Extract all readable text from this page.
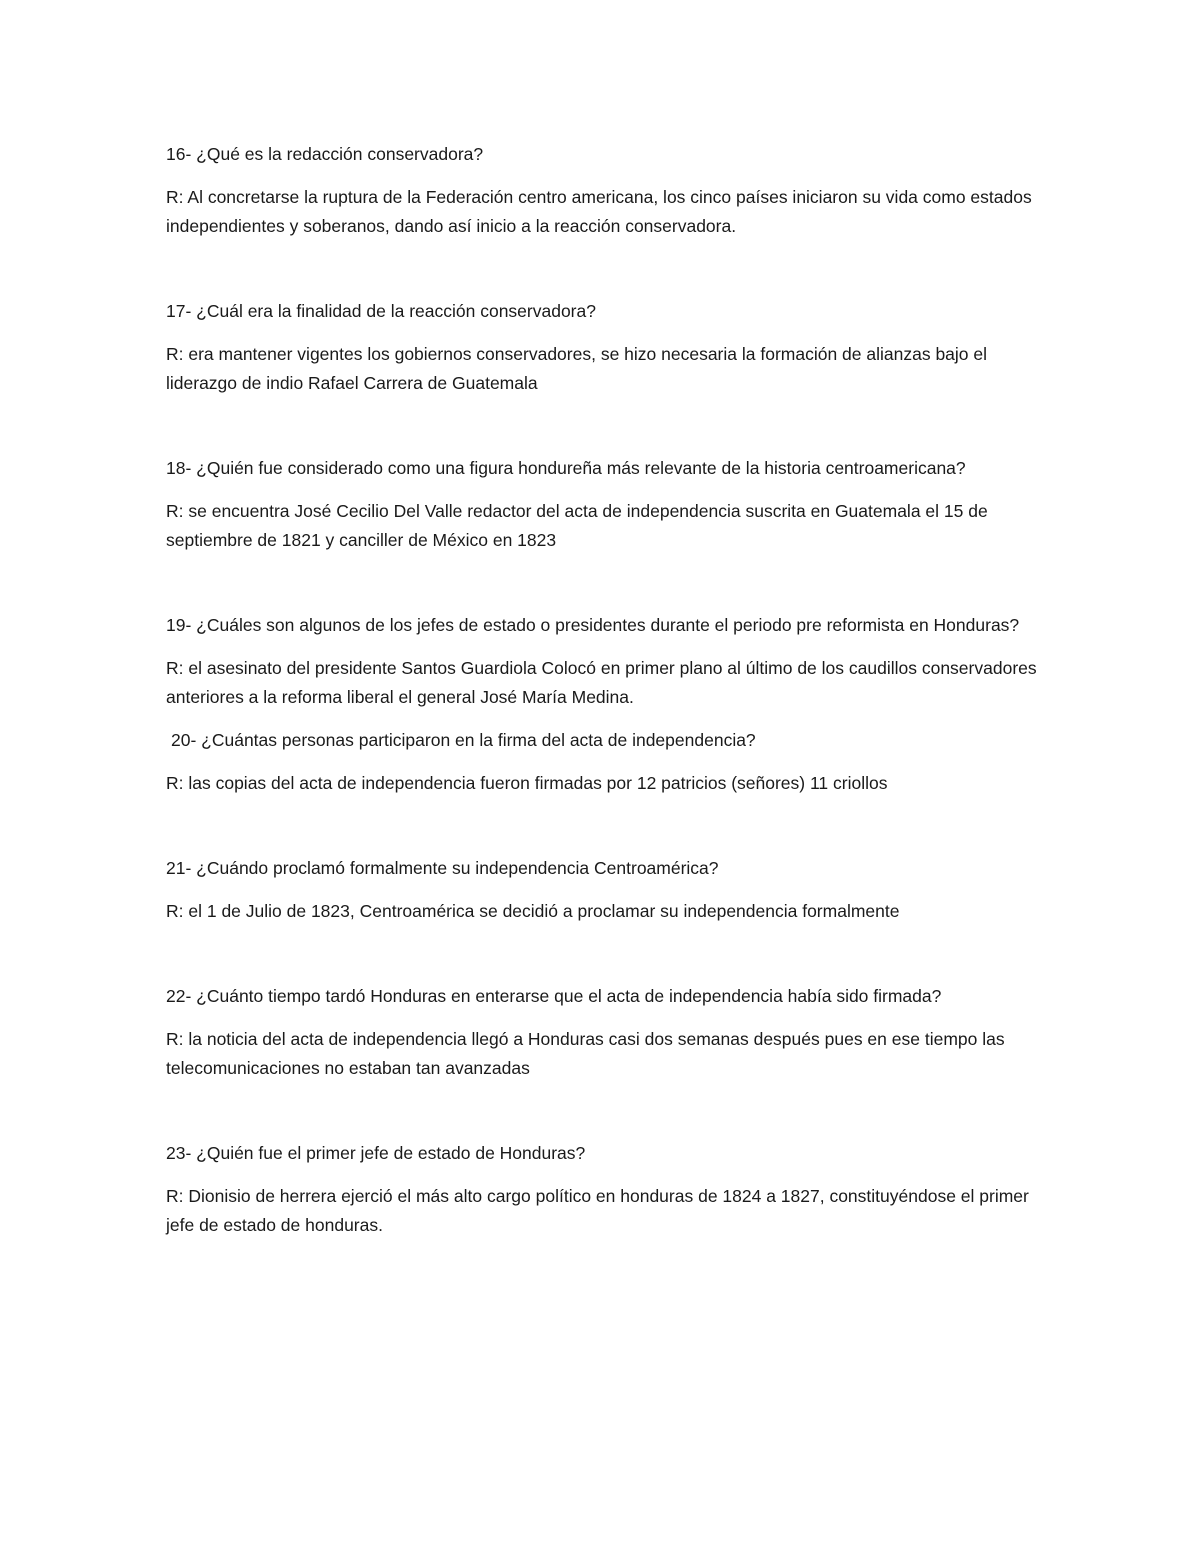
16- ¿Qué es la redacción conservadora?

R: Al concretarse la ruptura de la Federación centro americana, los cinco países iniciaron su vida como estados independientes y soberanos, dando así inicio a la reacción conservadora.

17- ¿Cuál era la finalidad de la reacción conservadora?

R: era mantener vigentes los gobiernos conservadores, se hizo necesaria la formación de alianzas bajo el liderazgo de indio Rafael Carrera de Guatemala

18- ¿Quién fue considerado como una figura hondureña más relevante de la historia centroamericana?

R: se encuentra José Cecilio Del Valle redactor del acta de independencia suscrita en Guatemala el 15 de septiembre de 1821 y canciller de México en 1823

19- ¿Cuáles son algunos de los jefes de estado o presidentes durante el periodo pre reformista en Honduras?

R: el asesinato del presidente Santos Guardiola Colocó en primer plano al último de los caudillos conservadores anteriores a la reforma liberal el general José María Medina.

20- ¿Cuántas personas participaron en la firma del acta de independencia?

R: las copias del acta de independencia fueron firmadas por 12 patricios (señores) 11 criollos

21- ¿Cuándo proclamó formalmente su independencia Centroamérica?

R: el 1 de Julio de 1823, Centroamérica se decidió a proclamar su independencia formalmente

22- ¿Cuánto tiempo tardó Honduras en enterarse que el acta de independencia había sido firmada?

R: la noticia del acta de independencia llegó a Honduras casi dos semanas después pues en ese tiempo las telecomunicaciones no estaban tan avanzadas

23- ¿Quién fue el primer jefe de estado de Honduras?

R: Dionisio de herrera ejerció el más alto cargo político en honduras de 1824 a 1827, constituyéndose el primer jefe de estado de honduras.
